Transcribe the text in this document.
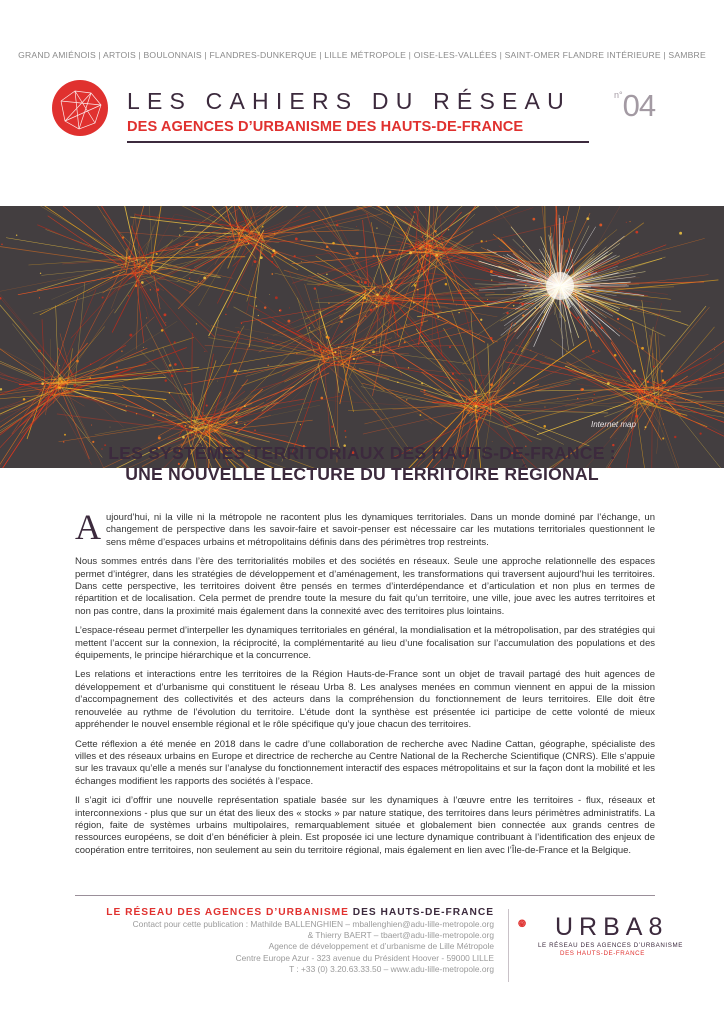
GRAND AMIÉNOIS | ARTOIS | BOULONNAIS | FLANDRES-DUNKERQUE | LILLE MÉTROPOLE | OISE-LES-VALLÉES | SAINT-OMER FLANDRE INTÉRIEURE | SAMBRE
LES CAHIERS DU RÉSEAU
DES AGENCES D’URBANISME DES HAUTS-DE-FRANCE
$^{n^\circ}$04
Internet map
LES SYSTÈMES TERRITORIAUX DES HAUTS-DE-FRANCE :
UNE NOUVELLE LECTURE DU TERRITOIRE RÉGIONAL

Aujourd’hui, ni la ville ni la métropole ne racontent plus les dynamiques territoriales. Dans un monde dominé par l’échange, un changement de perspective dans les savoir-faire et savoir-penser est nécessaire car les mutations territoriales questionnent le sens même d’espaces urbains et métropolitains définis dans des périmètres trop restreints.

Nous sommes entrés dans l’ère des territorialités mobiles et des sociétés en réseaux. Seule une approche relationnelle des espaces permet d’intégrer, dans les stratégies de développement et d’aménagement, les transformations qui traversent aujourd’hui les territoires. Dans cette perspective, les territoires doivent être pensés en termes d’interdépendance et d’articulation et non plus en termes de répartition et de localisation. Cela permet de prendre toute la mesure du fait qu’un territoire, une ville, joue avec les autres territoires et non pas contre, dans la proximité mais également dans la connexité avec des territoires plus lointains.

L’espace-réseau permet d’interpeller les dynamiques territoriales en général, la mondialisation et la métropolisation, par des stratégies qui mettent l’accent sur la connexion, la réciprocité, la complémentarité au lieu d’une focalisation sur l’accumulation des populations et des équipements, le principe hiérarchique et la concurrence.

Les relations et interactions entre les territoires de la Région Hauts-de-France sont un objet de travail partagé des huit agences de développement et d’urbanisme qui constituent le réseau Urba 8. Les analyses menées en commun viennent en appui de la mission d’accompagnement des collectivités et des acteurs dans la compréhension du fonctionnement de leurs territoires. Elle doit être renouvelée au rythme de l’évolution du territoire. L’étude dont la synthèse est présentée ici participe de cette volonté de mieux appréhender le nouvel ensemble régional et le rôle spécifique qu’y joue chacun des territoires.

Cette réflexion a été menée en 2018 dans le cadre d’une collaboration de recherche avec Nadine Cattan, géographe, spécialiste des villes et des réseaux urbains en Europe et directrice de recherche au Centre National de la Recherche Scientifique (CNRS). Elle s’appuie sur les travaux qu’elle a menés sur l’analyse du fonctionnement interactif des espaces métropolitains et sur la façon dont la mobilité et les échanges modifient les rapports des sociétés à l’espace.

Il s’agit ici d’offrir une nouvelle représentation spatiale basée sur les dynamiques à l’œuvre entre les territoires - flux, réseaux et interconnexions - plus que sur un état des lieux des « stocks » par nature statique, des territoires dans leurs périmètres administratifs. La région, faite de systèmes urbains multipolaires, remarquablement située et globalement bien connectée aux grands centres de ressources européens, se doit d’en bénéficier à plein. Est proposée ici une lecture dynamique contribuant à l’identification des enjeux de coopération entre territoires, non seulement au sein du territoire régional, mais également en lien avec l’Île-de-France et la Belgique.

LE RÉSEAU DES AGENCES D’URBANISME DES HAUTS-DE-FRANCE
Contact pour cette publication : Mathilde BALLENGHIEN – mballenghien@adu-lille-metropole.org
& Thierry BAERT – tbaert@adu-lille-metropole.org
Agence de développement et d’urbanisme de Lille Métropole
Centre Europe Azur - 323 avenue du Président Hoover - 59000 LILLE
T : +33 (0) 3.20.63.33.50 – www.adu-lille-metropole.org
URBA8
LE RÉSEAU DES AGENCES D’URBANISME
DES HAUTS-DE-FRANCE
